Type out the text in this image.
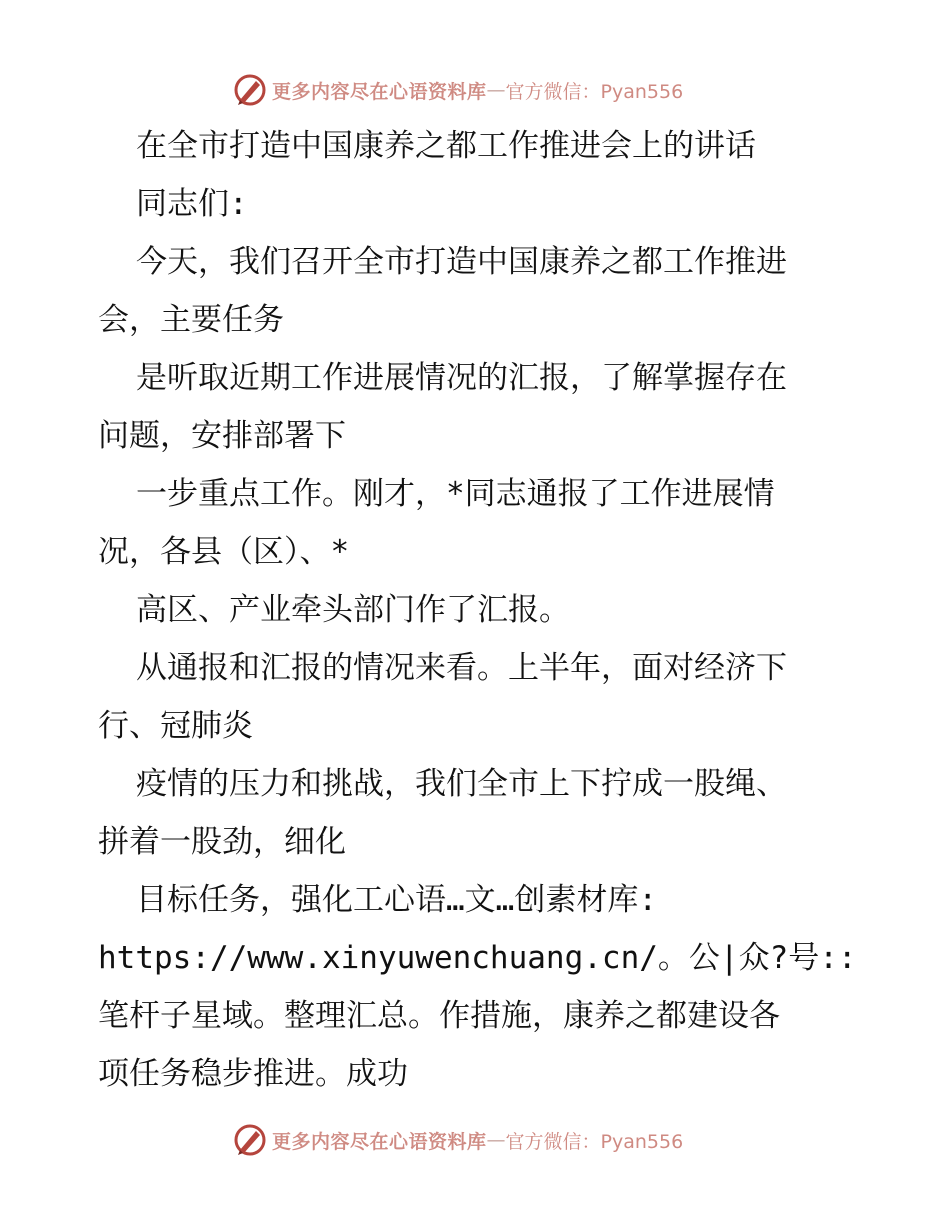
更多内容尽在心语资料库 — 官方微信：Pyan556
在全市打造中国康养之都工作推进会上的讲话
同志们:
今天，我们召开全市打造中国康养之都工作推进
会，主要任务
是听取近期工作进展情况的汇报，了解掌握存在
问题，安排部署下
一步重点工作。刚才，*同志通报了工作进展情
况，各县（区）、*
高区、产业牵头部门作了汇报。
从通报和汇报的情况来看。上半年，面对经济下
行、冠肺炎
疫情的压力和挑战，我们全市上下拧成一股绳、
拼着一股劲，细化
目标任务，强化工心语…文…创素材库:
https://www.xinyuwenchuang.cn/。公|众?号::
笔杆子星域。整理汇总。作措施，康养之都建设各
项任务稳步推进。成功
更多内容尽在心语资料库 — 官方微信：Pyan556
